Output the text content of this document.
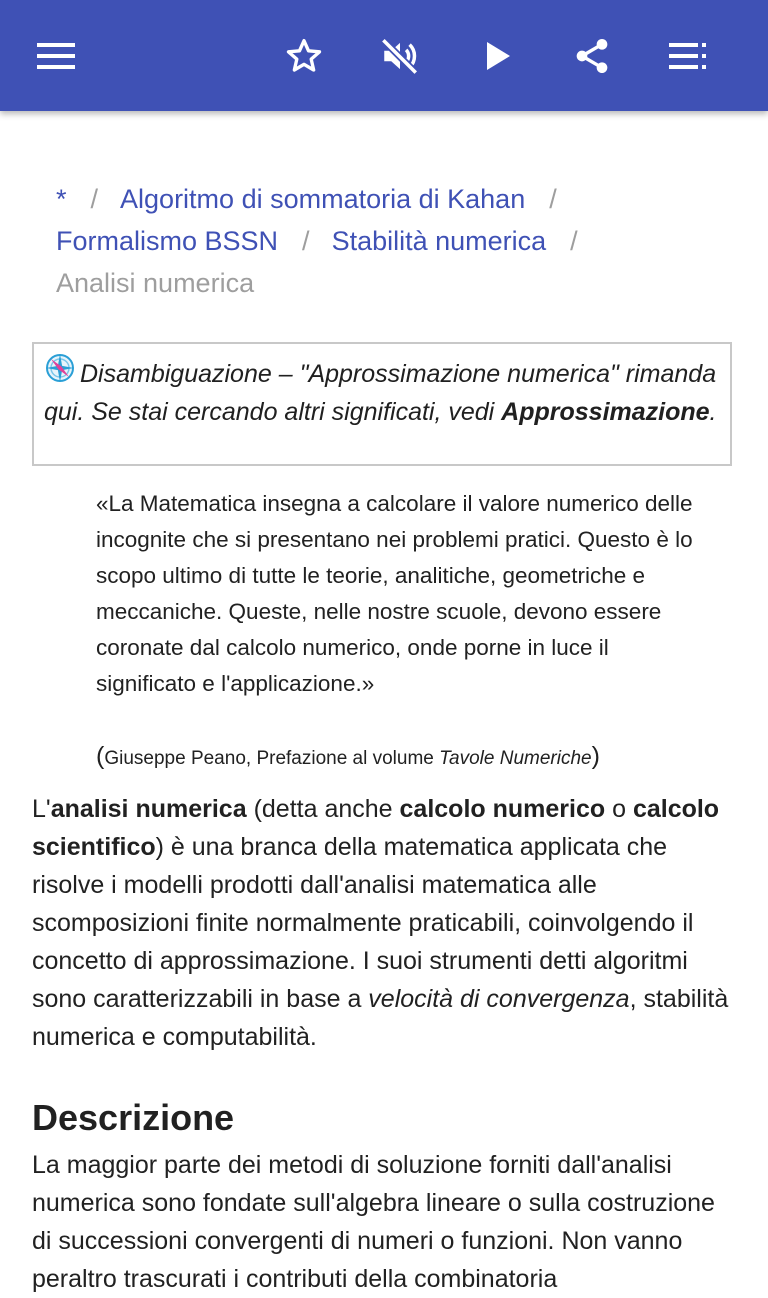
* / Algoritmo di sommatoria di Kahan /
Formalismo BSSN / Stabilità numerica /
Analisi numerica
Disambiguazione – "Approssimazione numerica" rimanda qui. Se stai cercando altri significati, vedi Approssimazione.
«La Matematica insegna a calcolare il valore numerico delle incognite che si presentano nei problemi pratici. Questo è lo scopo ultimo di tutte le teorie, analitiche, geometriche e meccaniche. Queste, nelle nostre scuole, devono essere coronate dal calcolo numerico, onde porne in luce il significato e l'applicazione.»
(Giuseppe Peano, Prefazione al volume Tavole Numeriche)
L'analisi numerica (detta anche calcolo numerico o calcolo scientifico) è una branca della matematica applicata che risolve i modelli prodotti dall'analisi matematica alle scomposizioni finite normalmente praticabili, coinvolgendo il concetto di approssimazione. I suoi strumenti detti algoritmi sono caratterizzabili in base a velocità di convergenza, stabilità numerica e computabilità.
Descrizione
La maggior parte dei metodi di soluzione forniti dall'analisi numerica sono fondate sull'algebra lineare o sulla costruzione di successioni convergenti di numeri o funzioni. Non vanno peraltro trascurati i contributi della combinatoria
